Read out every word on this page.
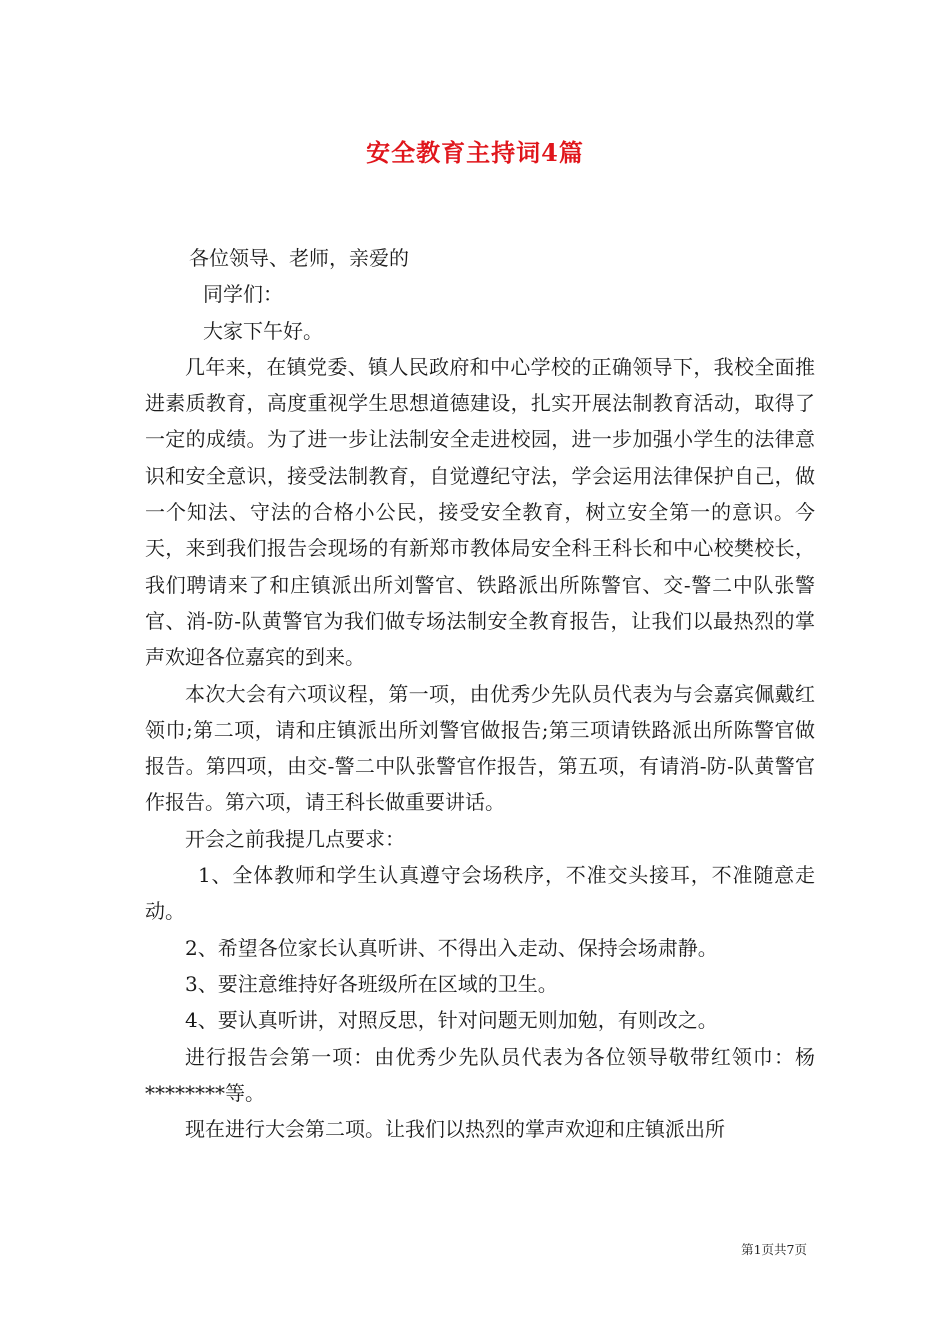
安全教育主持词4篇

各位领导、老师，亲爱的

同学们：

大家下午好。

几年来，在镇党委、镇人民政府和中心学校的正确领导下，我校全面推进素质教育，高度重视学生思想道德建设，扎实开展法制教育活动，取得了一定的成绩。为了进一步让法制安全走进校园，进一步加强小学生的法律意识和安全意识，接受法制教育，自觉遵纪守法，学会运用法律保护自己，做一个知法、守法的合格小公民，接受安全教育，树立安全第一的意识。今天，来到我们报告会现场的有新郑市教体局安全科王科长和中心校樊校长，我们聘请来了和庄镇派出所刘警官、铁路派出所陈警官、交-警二中队张警官、消-防-队黄警官为我们做专场法制安全教育报告，让我们以最热烈的掌声欢迎各位嘉宾的到来。

本次大会有六项议程，第一项，由优秀少先队员代表为与会嘉宾佩戴红领巾;第二项，请和庄镇派出所刘警官做报告;第三项请铁路派出所陈警官做报告。第四项，由交-警二中队张警官作报告，第五项，有请消-防-队黄警官作报告。第六项，请王科长做重要讲话。

开会之前我提几点要求：

1、全体教师和学生认真遵守会场秩序，不准交头接耳，不准随意走动。

2、希望各位家长认真听讲、不得出入走动、保持会场肃静。

3、要注意维持好各班级所在区域的卫生。

4、要认真听讲，对照反思，针对问题无则加勉，有则改之。

进行报告会第一项：由优秀少先队员代表为各位领导敬带红领巾：杨********等。

现在进行大会第二项。让我们以热烈的掌声欢迎和庄镇派出所

第1页共7页
